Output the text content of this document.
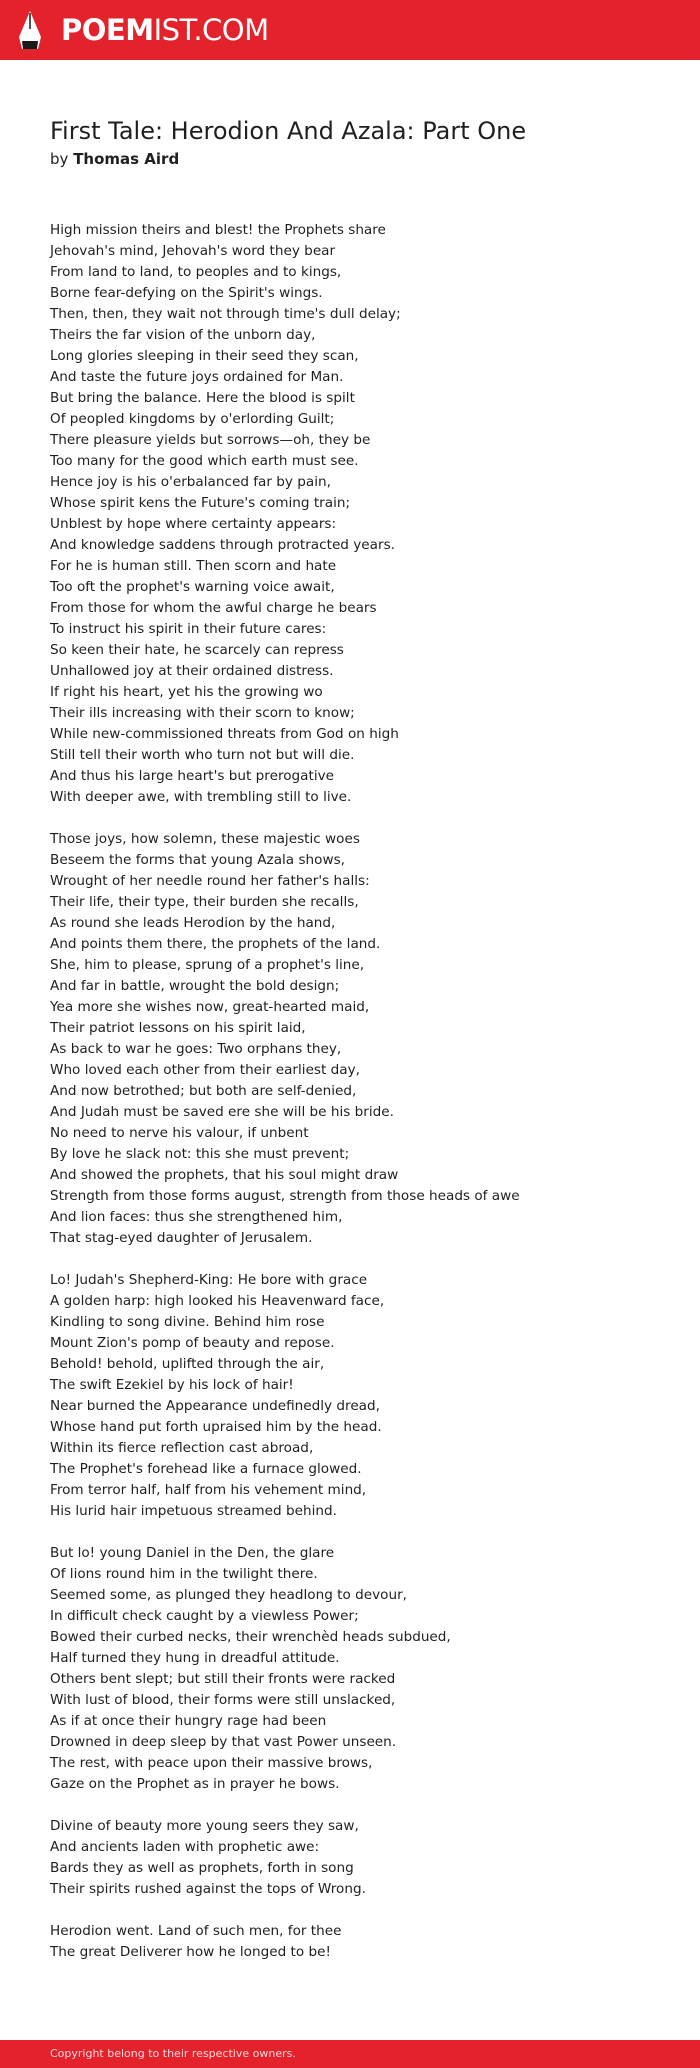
POEMIST.COM
First Tale: Herodion And Azala: Part One
by Thomas Aird
High mission theirs and blest! the Prophets share
Jehovah's mind, Jehovah's word they bear
From land to land, to peoples and to kings,
Borne fear-defying on the Spirit's wings.
Then, then, they wait not through time's dull delay;
Theirs the far vision of the unborn day,
Long glories sleeping in their seed they scan,
And taste the future joys ordained for Man.
But bring the balance. Here the blood is spilt
Of peopled kingdoms by o'erlording Guilt;
There pleasure yields but sorrows—oh, they be
Too many for the good which earth must see.
Hence joy is his o'erbalanced far by pain,
Whose spirit kens the Future's coming train;
Unblest by hope where certainty appears:
And knowledge saddens through protracted years.
For he is human still. Then scorn and hate
Too oft the prophet's warning voice await,
From those for whom the awful charge he bears
To instruct his spirit in their future cares:
So keen their hate, he scarcely can repress
Unhallowed joy at their ordained distress.
If right his heart, yet his the growing wo
Their ills increasing with their scorn to know;
While new-commissioned threats from God on high
Still tell their worth who turn not but will die.
And thus his large heart's but prerogative
With deeper awe, with trembling still to live.
Those joys, how solemn, these majestic woes
Beseem the forms that young Azala shows,
Wrought of her needle round her father's halls:
Their life, their type, their burden she recalls,
As round she leads Herodion by the hand,
And points them there, the prophets of the land.
She, him to please, sprung of a prophet's line,
And far in battle, wrought the bold design;
Yea more she wishes now, great-hearted maid,
Their patriot lessons on his spirit laid,
As back to war he goes: Two orphans they,
Who loved each other from their earliest day,
And now betrothed; but both are self-denied,
And Judah must be saved ere she will be his bride.
No need to nerve his valour, if unbent
By love he slack not: this she must prevent;
And showed the prophets, that his soul might draw
Strength from those forms august, strength from those heads of awe
And lion faces: thus she strengthened him,
That stag-eyed daughter of Jerusalem.
Lo! Judah's Shepherd-King: He bore with grace
A golden harp: high looked his Heavenward face,
Kindling to song divine. Behind him rose
Mount Zion's pomp of beauty and repose.
Behold! behold, uplifted through the air,
The swift Ezekiel by his lock of hair!
Near burned the Appearance undefinedly dread,
Whose hand put forth upraised him by the head.
Within its fierce reflection cast abroad,
The Prophet's forehead like a furnace glowed.
From terror half, half from his vehement mind,
His lurid hair impetuous streamed behind.
But lo! young Daniel in the Den, the glare
Of lions round him in the twilight there.
Seemed some, as plunged they headlong to devour,
In difficult check caught by a viewless Power;
Bowed their curbed necks, their wrenchèd heads subdued,
Half turned they hung in dreadful attitude.
Others bent slept; but still their fronts were racked
With lust of blood, their forms were still unslacked,
As if at once their hungry rage had been
Drowned in deep sleep by that vast Power unseen.
The rest, with peace upon their massive brows,
Gaze on the Prophet as in prayer he bows.
Divine of beauty more young seers they saw,
And ancients laden with prophetic awe:
Bards they as well as prophets, forth in song
Their spirits rushed against the tops of Wrong.
Herodion went. Land of such men, for thee
The great Deliverer how he longed to be!
Copyright belong to their respective owners.
